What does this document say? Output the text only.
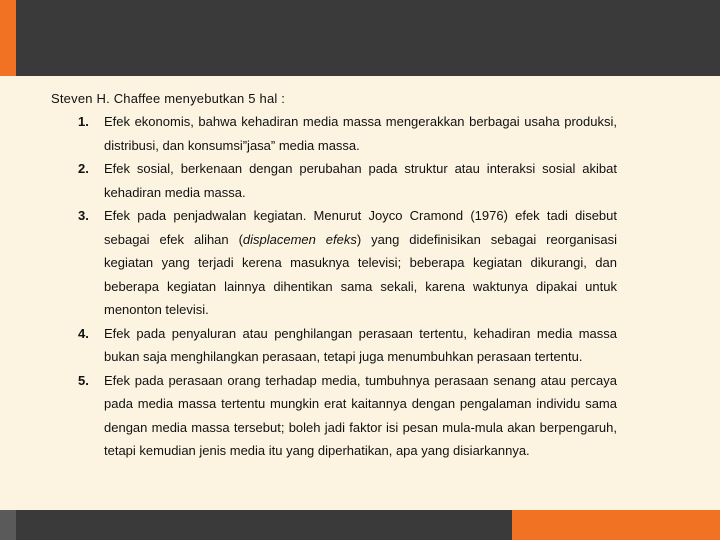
Steven H. Chaffee menyebutkan 5 hal :
1. Efek ekonomis, bahwa kehadiran media massa mengerakkan berbagai usaha produksi, distribusi, dan konsumsi”jasa” media massa.
2. Efek sosial, berkenaan dengan perubahan pada struktur atau interaksi sosial akibat kehadiran media massa.
3. Efek pada penjadwalan kegiatan. Menurut Joyco Cramond (1976) efek tadi disebut sebagai efek alihan (displacemen efeks) yang didefinisikan sebagai reorganisasi kegiatan yang terjadi kerena masuknya televisi; beberapa kegiatan dikurangi, dan beberapa kegiatan lainnya dihentikan sama sekali, karena waktunya dipakai untuk menonton televisi.
4. Efek pada penyaluran atau penghilangan perasaan tertentu, kehadiran media massa bukan saja menghilangkan perasaan, tetapi juga menumbuhkan perasaan tertentu.
5. Efek pada perasaan orang terhadap media, tumbuhnya perasaan senang atau percaya pada media massa tertentu mungkin erat kaitannya dengan pengalaman individu sama dengan media massa tersebut; boleh jadi faktor isi pesan mula-mula akan berpengaruh, tetapi kemudian jenis media itu yang diperhatikan, apa yang disiarkannya.
